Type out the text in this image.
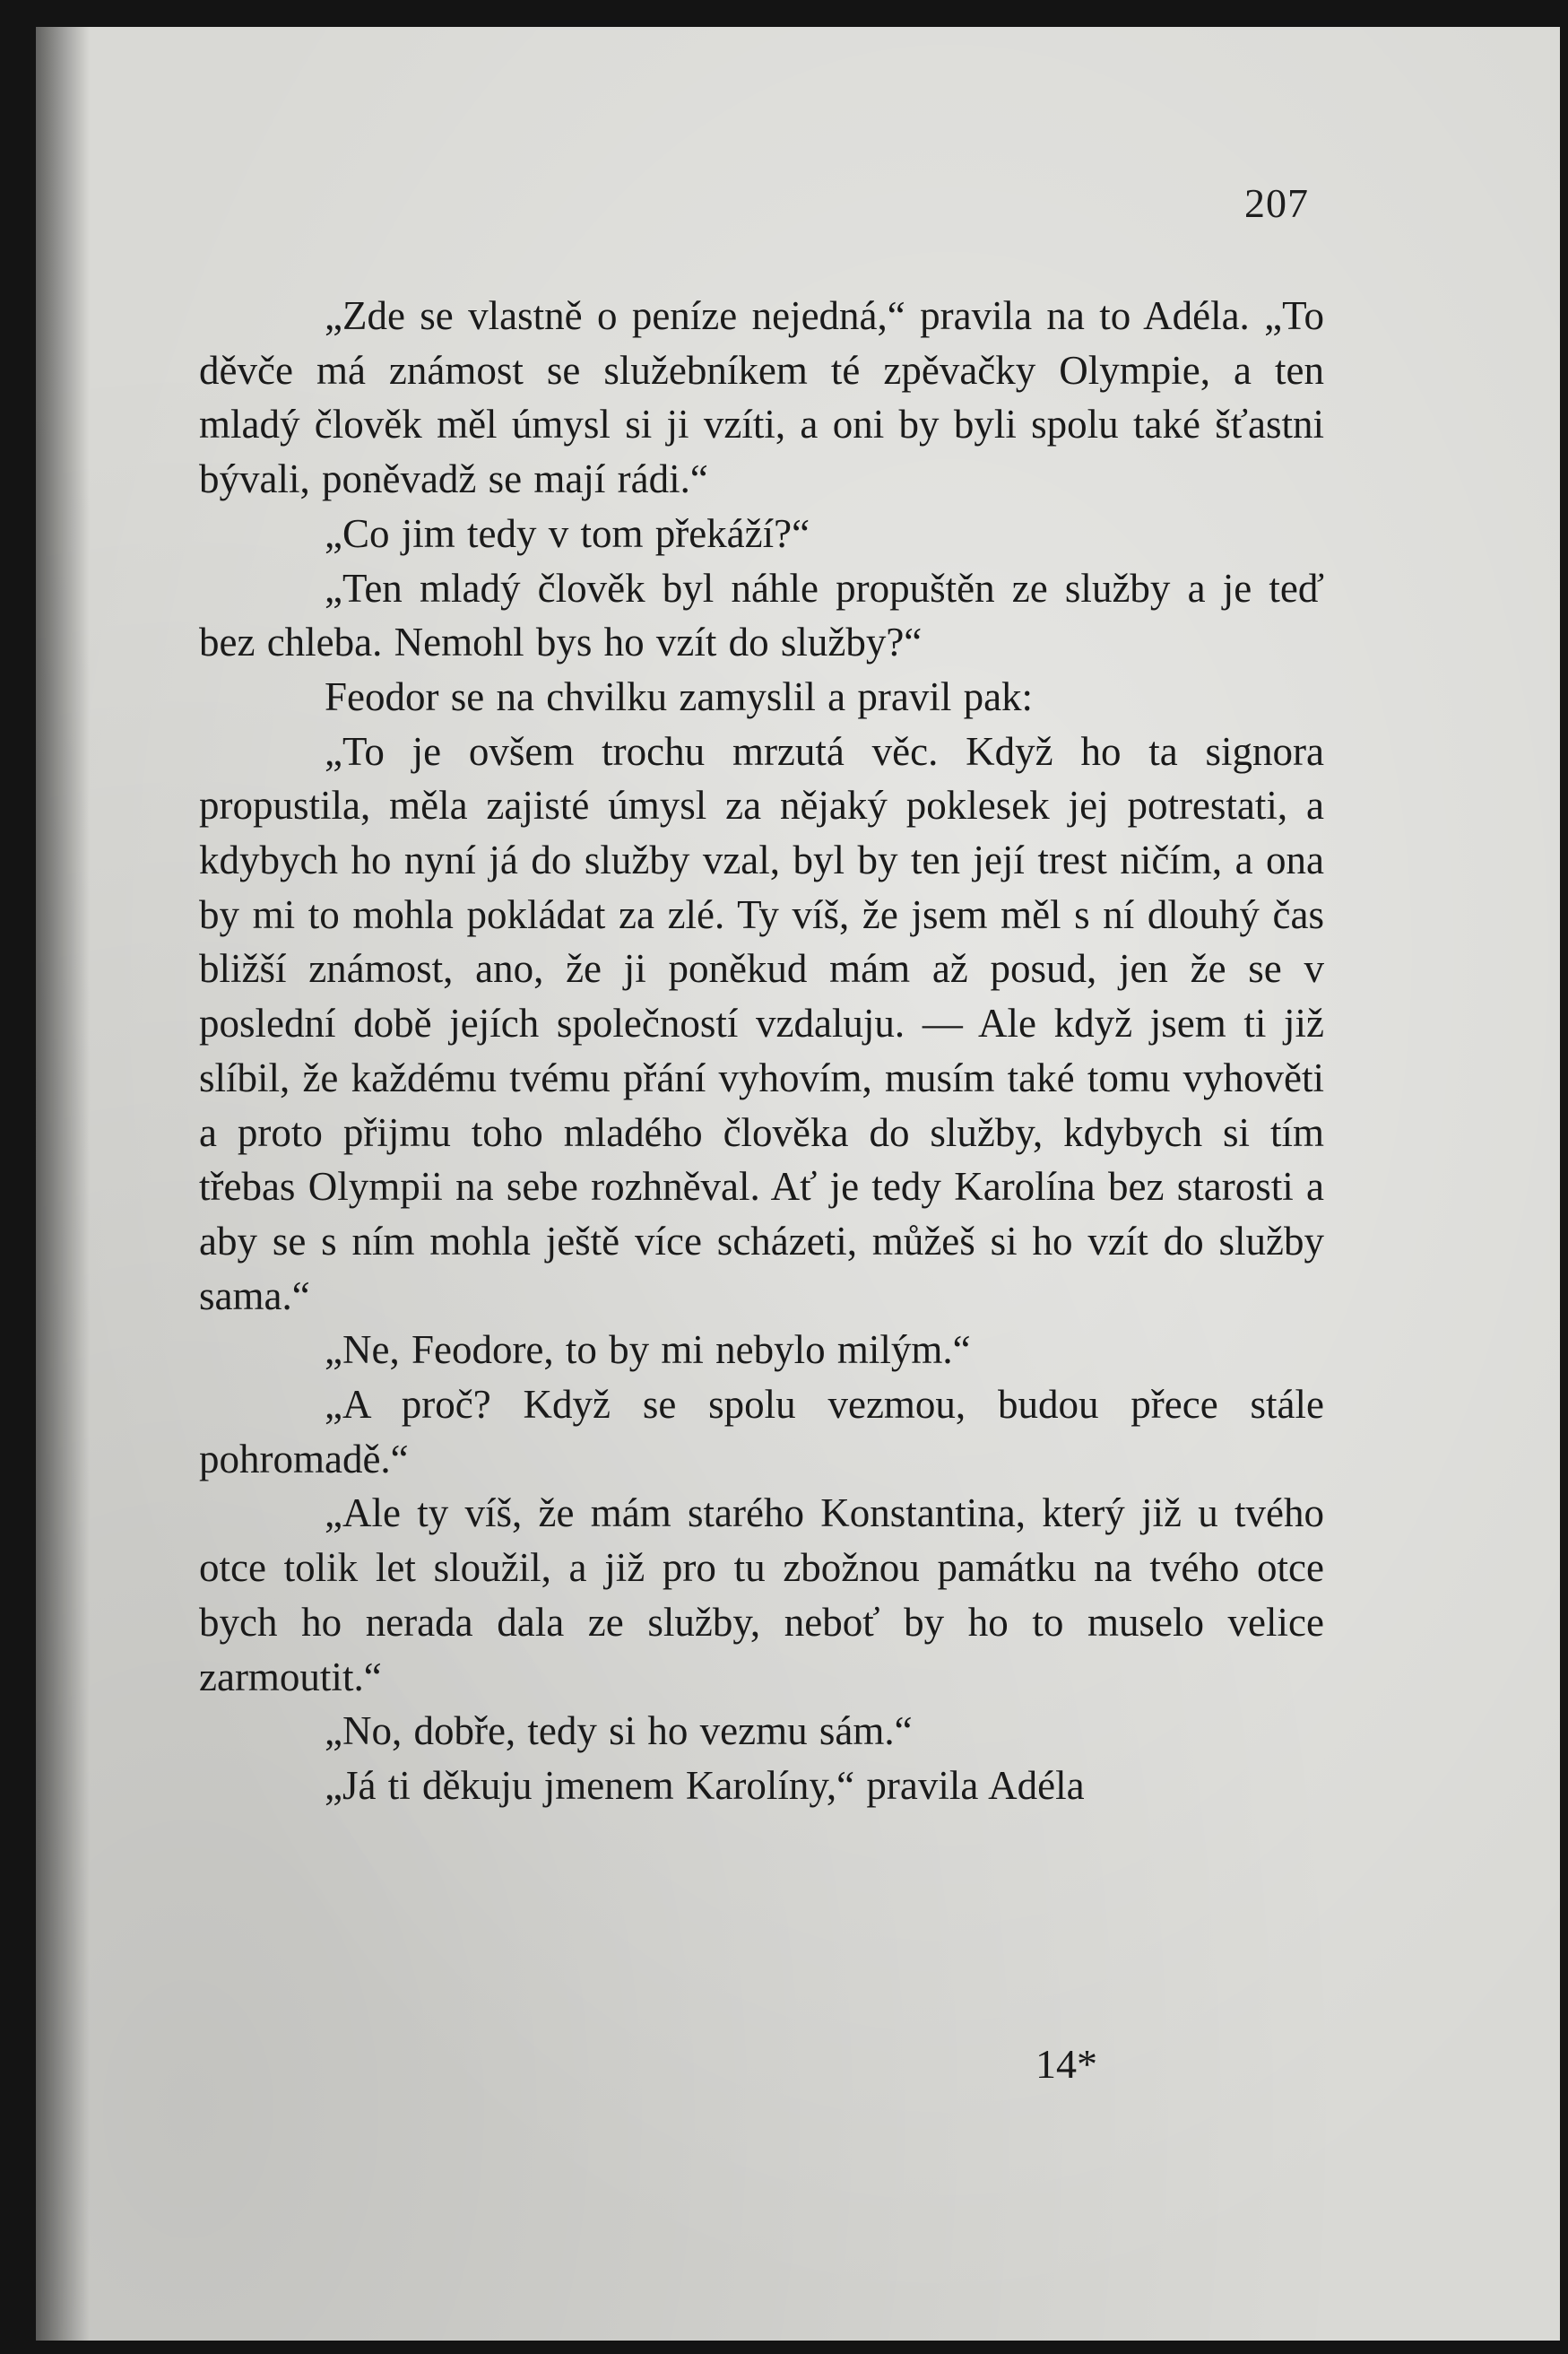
207

„Zde se vlastně o peníze nejedná,“ pravila na to Adéla. „To děvče má známost se služebníkem té zpěvačky Olympie, a ten mladý člověk měl úmysl si ji vzíti, a oni by byli spolu také šťastni bývali, poněvadž se mají rádi.“

„Co jim tedy v tom překáží?“

„Ten mladý člověk byl náhle propuštěn ze služby a je teď bez chleba. Nemohl bys ho vzít do služby?“

Feodor se na chvilku zamyslil a pravil pak:

„To je ovšem trochu mrzutá věc. Když ho ta signora propustila, měla zajisté úmysl za nějaký poklesek jej potrestati, a kdybych ho nyní já do služby vzal, byl by ten její trest ničím, a ona by mi to mohla pokládat za zlé. Ty víš, že jsem měl s ní dlouhý čas bližší známost, ano, že ji poněkud mám až posud, jen že se v poslední době jejích společností vzdaluju. — Ale když jsem ti již slíbil, že každému tvému přání vyhovím, musím také tomu vyhověti a proto přijmu toho mladého člověka do služby, kdybych si tím třebas Olympii na sebe rozhněval. Ať je tedy Karolína bez starosti a aby se s ním mohla ještě více scházeti, můžeš si ho vzít do služby sama.“

„Ne, Feodore, to by mi nebylo milým.“

„A proč? Když se spolu vezmou, budou přece stále pohromadě.“

„Ale ty víš, že mám starého Konstantina, který již u tvého otce tolik let sloužil, a již pro tu zbožnou památku na tvého otce bych ho nerada dala ze služby, neboť by ho to muselo velice zarmoutit.“

„No, dobře, tedy si ho vezmu sám.“

„Já ti děkuju jmenem Karolíny,“ pravila Adéla

14*
